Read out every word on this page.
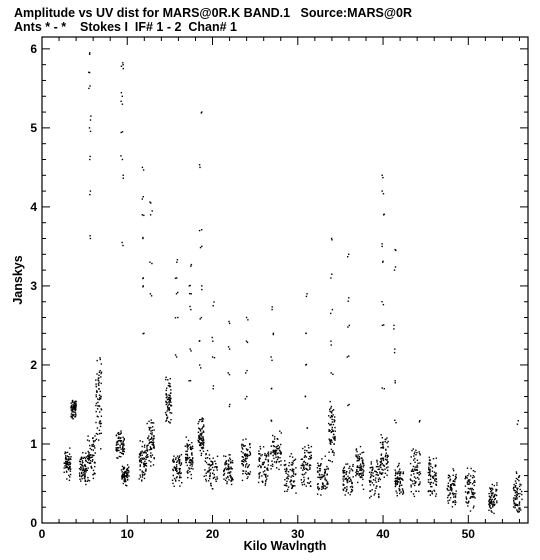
Amplitude vs UV dist for MARS@0R.K BAND.1   Source:MARS@0R
Ants * - *    Stokes I  IF# 1 - 2  Chan# 1
0	10	20	30	40	50
0
1
2
3
4
5
6
Kilo Wavlngth
Janskys
